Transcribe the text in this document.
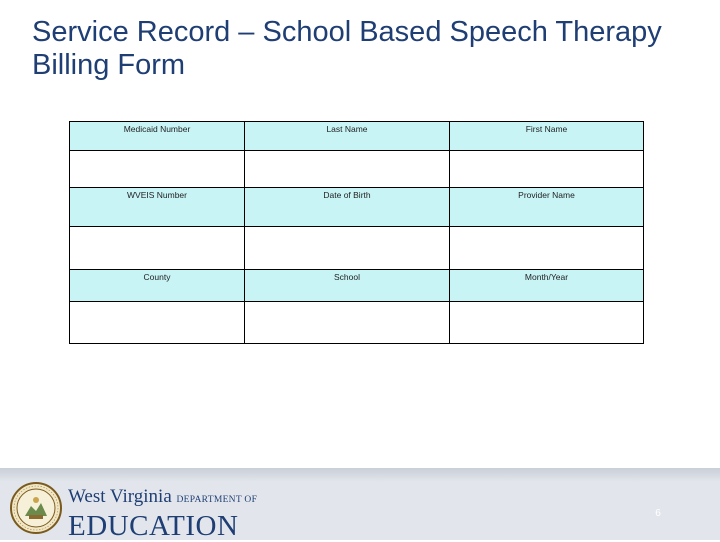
Service Record – School Based Speech Therapy Billing Form
Medicaid Number	Last Name	First Name

WVEIS Number	Date of Birth	Provider Name

County	School	Month/Year

West Virginia DEPARTMENT OF
EDUCATION	6
